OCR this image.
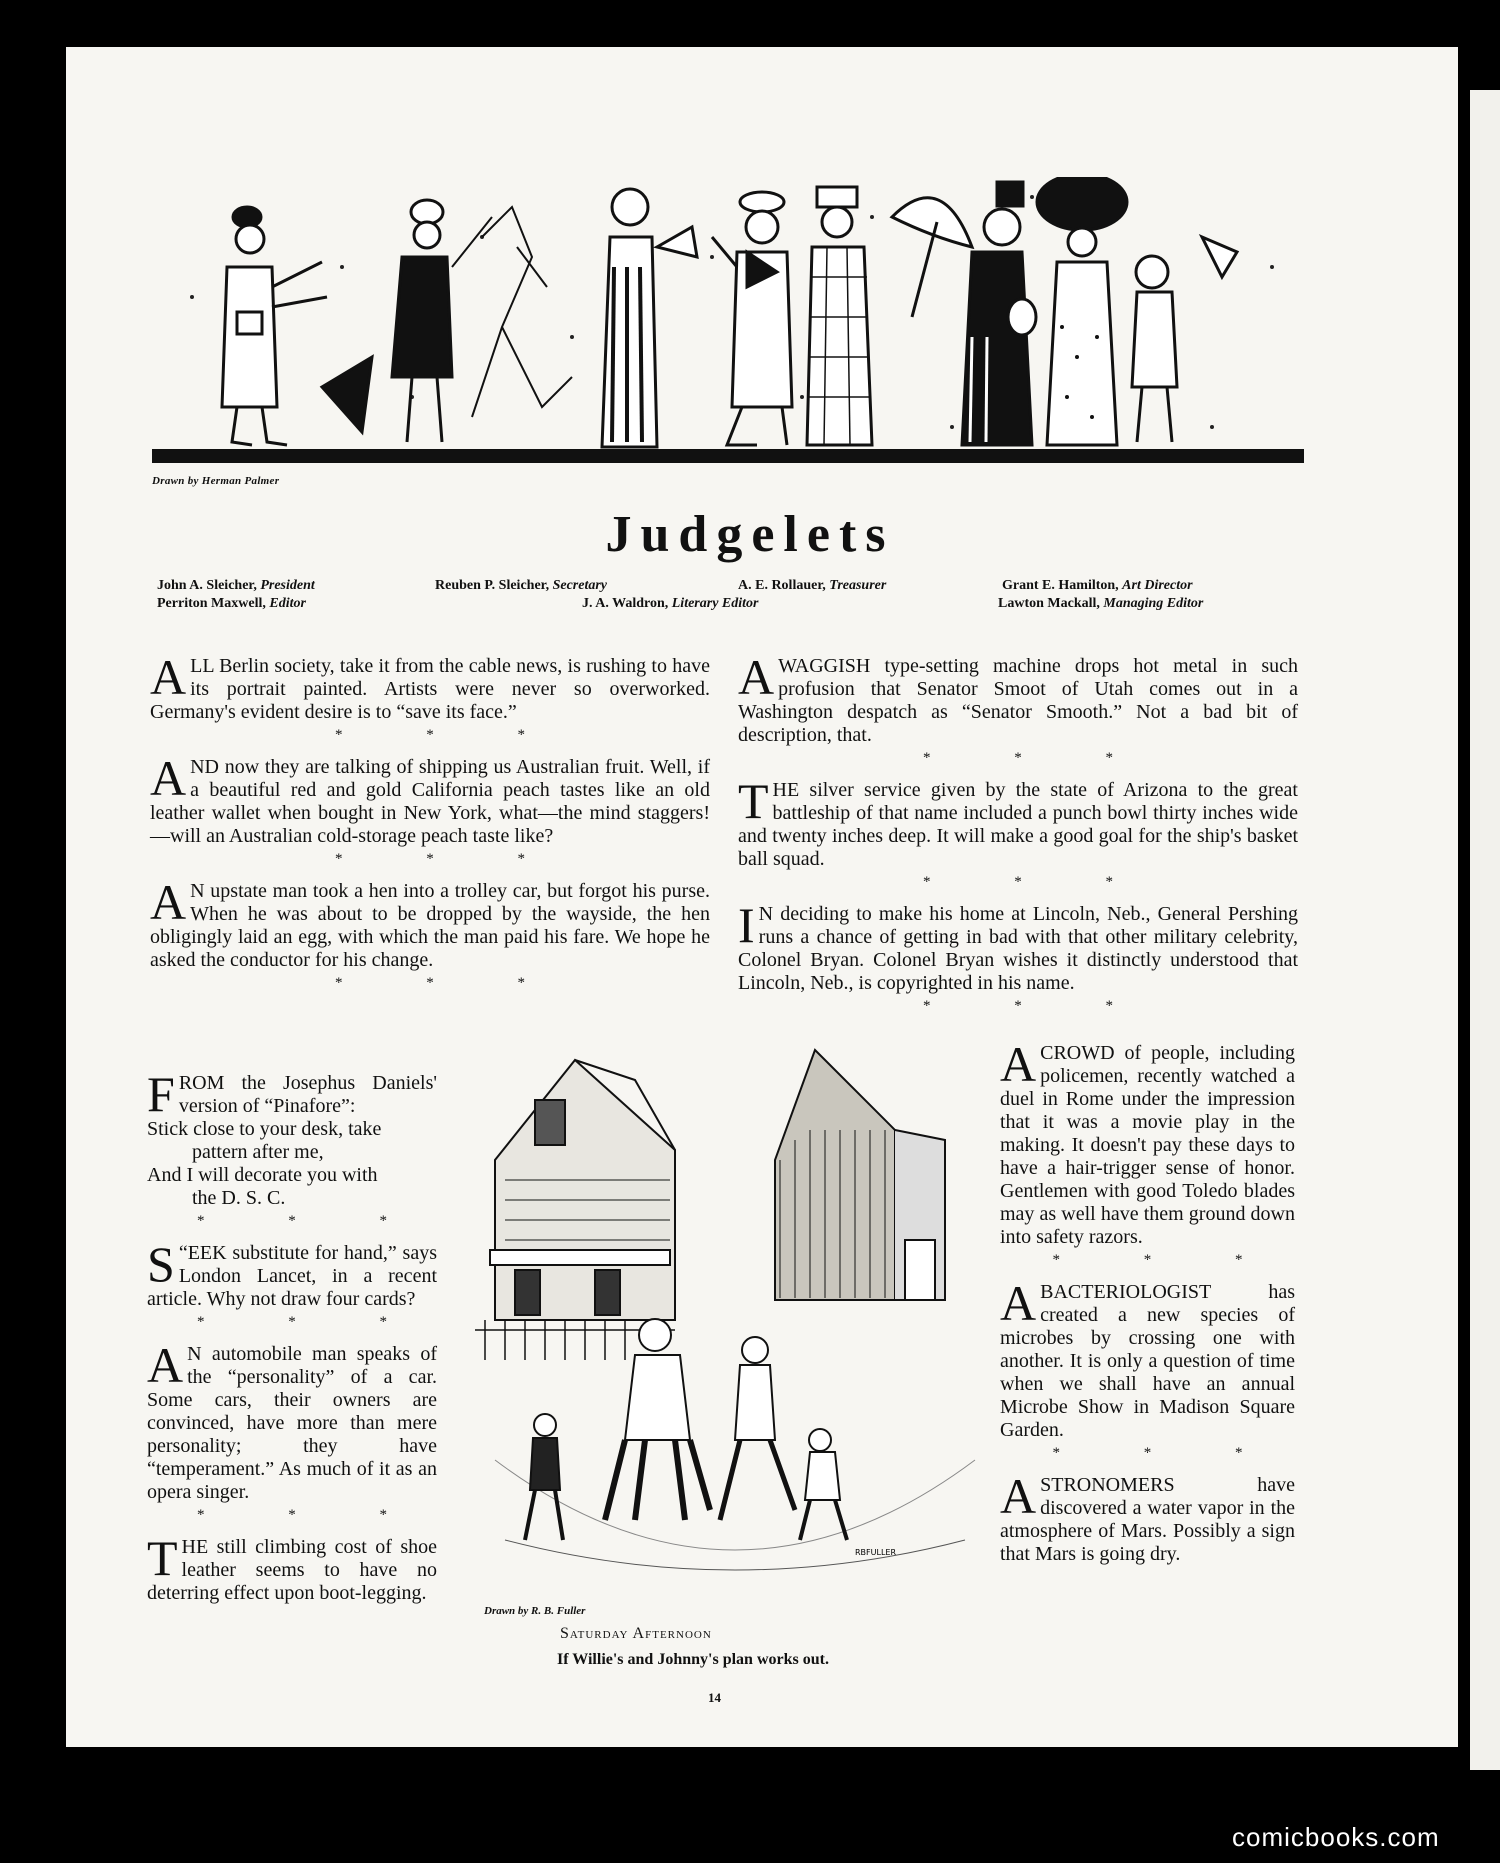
Drawn by Herman Palmer
Judgelets
John A. Sleicher, President	Reuben P. Sleicher, Secretary	A. E. Rollauer, Treasurer	Grant E. Hamilton, Art Director
Perriton Maxwell, Editor	J. A. Waldron, Literary Editor	Lawton Mackall, Managing Editor

ALL Berlin society, take it from the cable news, is rushing to have its portrait painted. Artists were never so overworked. Germany's evident desire is to “save its face.”

* * *

AND now they are talking of shipping us Australian fruit. Well, if a beautiful red and gold California peach tastes like an old leather wallet when bought in New York, what—the mind staggers!—will an Australian cold-storage peach taste like?

* * *

A N upstate man took a hen into a trolley car, but forgot his purse. When he was about to be dropped by the wayside, the hen obligingly laid an egg, with which the man paid his fare. We hope he asked the conductor for his change.

* * *

FROM the Josephus Daniels' version of “Pinafore”:

Stick close to your desk, take
pattern after me,
And I will decorate you with
the D. S. C.
* * *

“
S EEK substitute for hand,” says London Lancet, in a recent article. Why not draw four cards?

* * *

A N automobile man speaks of the “personality” of a car. Some cars, their owners are convinced, have more than mere personality; they have “temperament.” As much of it as an opera singer.

* * *

THE still climbing cost of shoe leather seems to have no deterring effect upon boot-legging.

AWAGGISH type-setting machine drops hot metal in such profusion that Senator Smoot of Utah comes out in a Washington despatch as “Senator Smooth.” Not a bad bit of description, that.

* * *

THE silver service given by the state of Arizona to the great battleship of that name included a punch bowl thirty inches wide and twenty inches deep. It will make a good goal for the ship's basket ball squad.

* * *

I N deciding to make his home at Lincoln, Neb., General Pershing runs a chance of getting in bad with that other military celebrity, Colonel Bryan. Colonel Bryan wishes it distinctly understood that Lincoln, Neb., is copyrighted in his name.

* * *

ACROWD of people, including policemen, recently watched a duel in Rome under the impression that it was a movie play in the making. It doesn't pay these days to have a hair-trigger sense of honor. Gentlemen with good Toledo blades may as well have them ground down into safety razors.

* * *

ABACTERIOLOGIST has created a new species of microbes by crossing one with another. It is only a question of time when we shall have an annual Microbe Show in Madison Square Garden.

* * *

ASTRONOMERS have discovered a water vapor in the atmosphere of Mars. Possibly a sign that Mars is going dry.

RBFULLER
Drawn by R. B. Fuller
Saturday Afternoon
If Willie's and Johnny's plan works out.
14
comicbooks.com
